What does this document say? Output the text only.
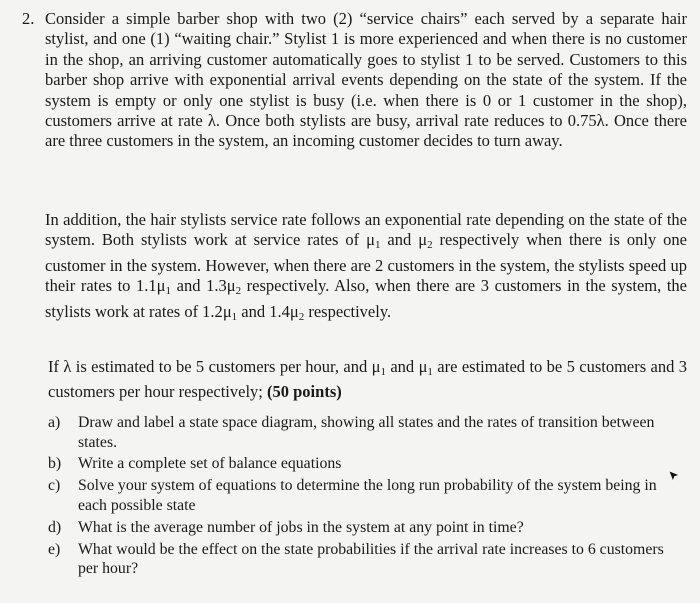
2. Consider a simple barber shop with two (2) “service chairs” each served by a separate hair stylist, and one (1) “waiting chair.” Stylist 1 is more experienced and when there is no customer in the shop, an arriving customer automatically goes to stylist 1 to be served. Customers to this barber shop arrive with exponential arrival events depending on the state of the system. If the system is empty or only one stylist is busy (i.e. when there is 0 or 1 customer in the shop), customers arrive at rate λ. Once both stylists are busy, arrival rate reduces to 0.75λ. Once there are three customers in the system, an incoming customer decides to turn away.

In addition, the hair stylists service rate follows an exponential rate depending on the state of the system. Both stylists work at service rates of $\mu_1$ and $\mu_2$ respectively when there is only one customer in the system. However, when there are 2 customers in the system, the stylists speed up their rates to $1.1\mu_1$ and $1.3\mu_2$ respectively. Also, when there are 3 customers in the system, the stylists work at rates of $1.2\mu_1$ and $1.4\mu_2$ respectively.

If λ is estimated to be 5 customers per hour, and $\mu_1$ and $\mu_1$ are estimated to be 5 customers and 3 customers per hour respectively; (50 points)

a) Draw and label a state space diagram, showing all states and the rates of transition between states.
b) Write a complete set of balance equations
c) Solve your system of equations to determine the long run probability of the system being in each possible state
d) What is the average number of jobs in the system at any point in time?
e) What would be the effect on the state probabilities if the arrival rate increases to 6 customers per hour?
